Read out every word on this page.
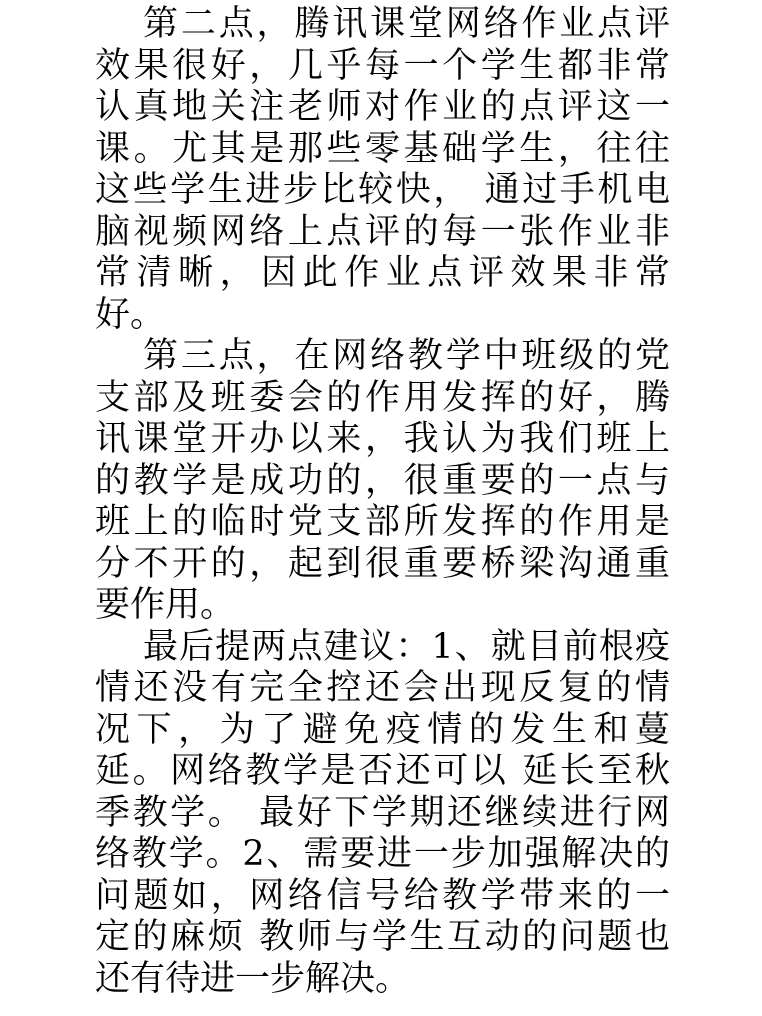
第二点，腾讯课堂网络作业点评
效果很好，几乎每一个学生都非常
认真地关注老师对作业的点评这一
课。尤其是那些零基础学生，往往
这些学生进步比较快， 通过手机电
脑视频网络上点评的每一张作业非
常清晰，因此作业点评效果非常
好。
第三点，在网络教学中班级的党
支部及班委会的作用发挥的好，腾
讯课堂开办以来，我认为我们班上
的教学是成功的，很重要的一点与
班上的临时党支部所发挥的作用是
分不开的，起到很重要桥梁沟通重
要作用。
最后提两点建议：1、就目前根疫
情还没有完全控还会出现反复的情
况下，为了避免疫情的发生和蔓
延。网络教学是否还可以 延长至秋
季教学。 最好下学期还继续进行网
络教学。2、需要进一步加强解决的
问题如，网络信号给教学带来的一
定的麻烦 教师与学生互动的问题也
还有待进一步解决。
